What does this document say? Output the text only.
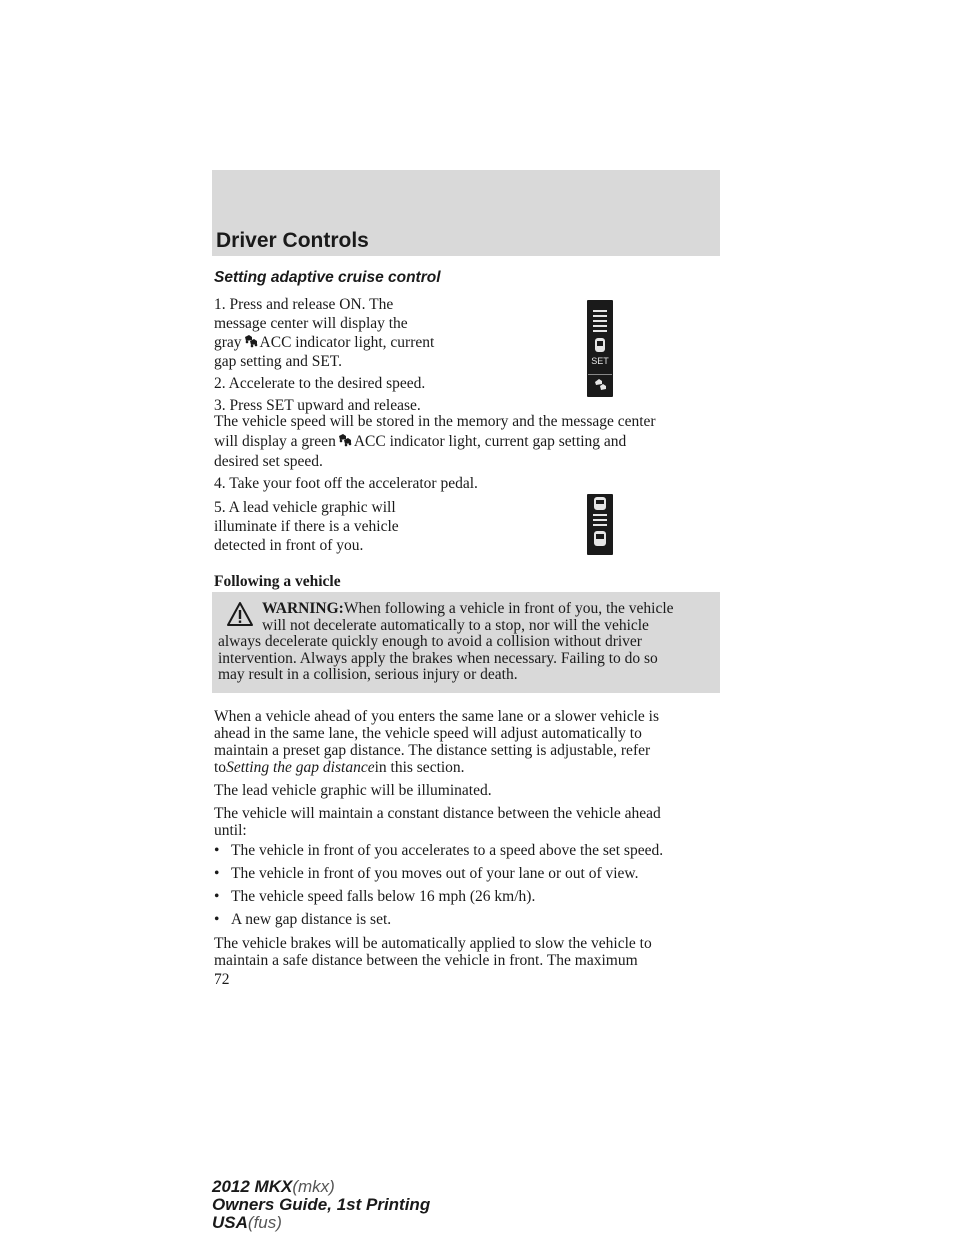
Driver Controls
Setting adaptive cruise control

1. Press and release ON. The

message center will display the

gray ACC indicator light, current

gap setting and SET.

2. Accelerate to the desired speed.

3. Press SET upward and release.

The vehicle speed will be stored in the memory and the message center

will display a green ACC indicator light, current gap setting and

desired set speed.

4. Take your foot off the accelerator pedal.

5. A lead vehicle graphic will

illuminate if there is a vehicle

detected in front of you.

SET

Following a vehicle

WARNING:When following a vehicle in front of you, the vehicle
will not decelerate automatically to a stop, nor will the vehicle
always decelerate quickly enough to avoid a collision without driver
intervention. Always apply the brakes when necessary. Failing to do so
may result in a collision, serious injury or death.

When a vehicle ahead of you enters the same lane or a slower vehicle is

ahead in the same lane, the vehicle speed will adjust automatically to

maintain a preset gap distance. The distance setting is adjustable, refer

toSetting the gap distancein this section.

The lead vehicle graphic will be illuminated.

The vehicle will maintain a constant distance between the vehicle ahead

until:

• The vehicle in front of you accelerates to a speed above the set speed.
• The vehicle in front of you moves out of your lane or out of view.
• The vehicle speed falls below 16 mph (26 km/h).
• A new gap distance is set.

The vehicle brakes will be automatically applied to slow the vehicle to

maintain a safe distance between the vehicle in front. The maximum

72

2012 MKX(mkx)
Owners Guide, 1st Printing
USA(fus)
